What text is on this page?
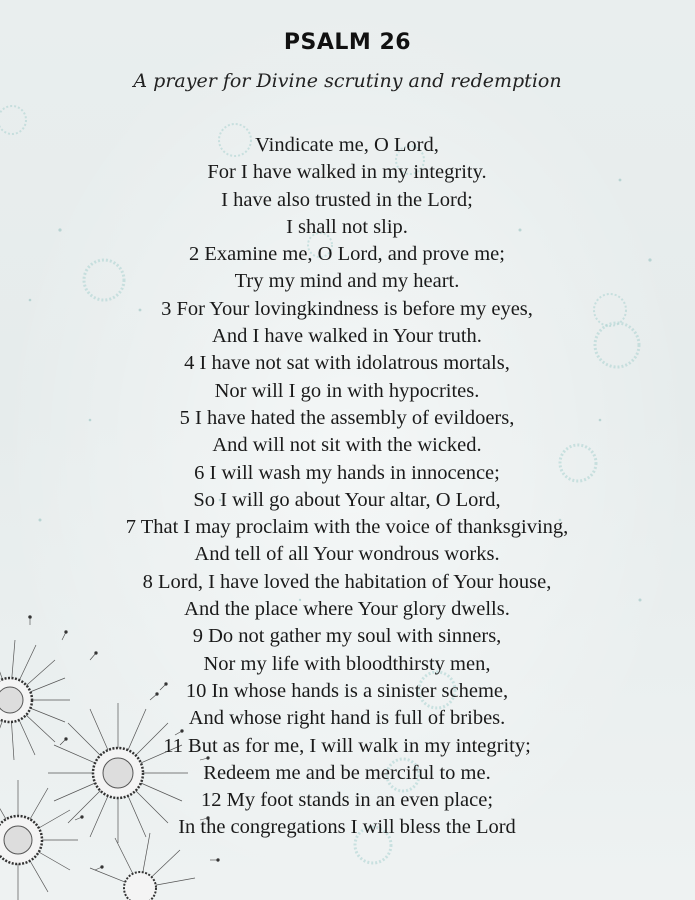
PSALM 26
A prayer for Divine scrutiny and redemption
Vindicate me, O Lord,
For I have walked in my integrity.
I have also trusted in the Lord;
I shall not slip.
2 Examine me, O Lord, and prove me;
Try my mind and my heart.
3 For Your lovingkindness is before my eyes,
And I have walked in Your truth.
4 I have not sat with idolatrous mortals,
Nor will I go in with hypocrites.
5 I have hated the assembly of evildoers,
And will not sit with the wicked.
6 I will wash my hands in innocence;
So I will go about Your altar, O Lord,
7 That I may proclaim with the voice of thanksgiving,
And tell of all Your wondrous works.
8 Lord, I have loved the habitation of Your house,
And the place where Your glory dwells.
9 Do not gather my soul with sinners,
Nor my life with bloodthirsty men,
10 In whose hands is a sinister scheme,
And whose right hand is full of bribes.
11 But as for me, I will walk in my integrity;
Redeem me and be merciful to me.
12 My foot stands in an even place;
In the congregations I will bless the Lord
